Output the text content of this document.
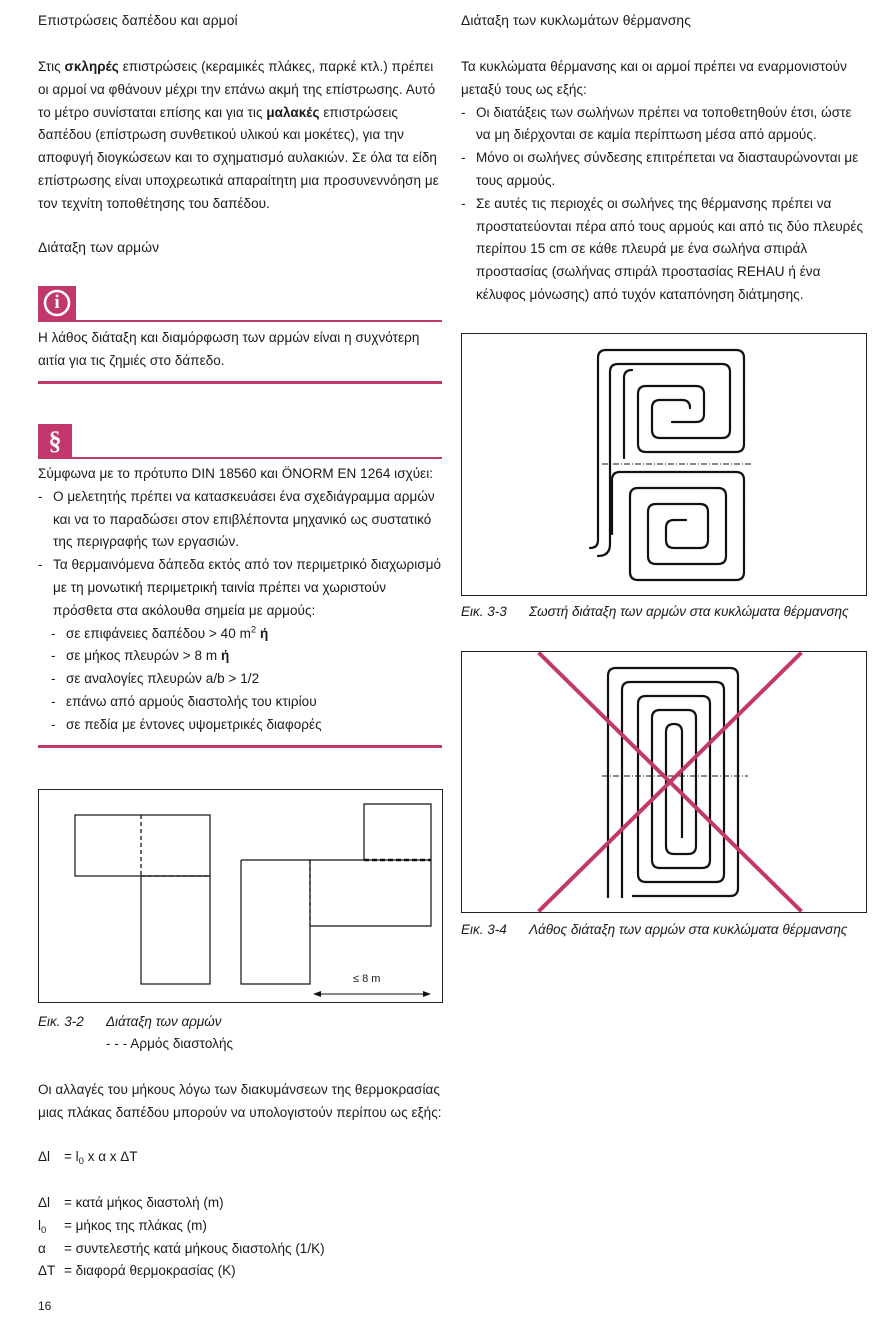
Επιστρώσεις δαπέδου και αρμοί

Στις σκληρές επιστρώσεις (κεραμικές πλάκες, παρκέ κτλ.) πρέπει οι αρμοί να φθάνουν μέχρι την επάνω ακμή της επίστρωσης. Αυτό το μέτρο συνίσταται επίσης και για τις μαλακές επιστρώσεις δαπέδου (επίστρωση συνθετικού υλικού και μοκέτες), για την αποφυγή διογκώσεων και το σχηματισμό αυλακιών. Σε όλα τα είδη επίστρωσης είναι υποχρεωτικά απαραίτητη μια προσυνεννόηση με τον τεχνίτη τοποθέτησης του δαπέδου.

Διάταξη των αρμών
i

Η λάθος διάταξη και διαμόρφωση των αρμών είναι η συχνότερη αιτία για τις ζημιές στο δάπεδο.

§
Σύμφωνα με το πρότυπο DIN 18560 και ÖNORM EN 1264 ισχύει:
- Ο μελετητής πρέπει να κατασκευάσει ένα σχεδιάγραμμα αρμών και να το παραδώσει στον επιβλέποντα μηχανικό ως συστατικό της περιγραφής των εργασιών.
- Τα θερμαινόμενα δάπεδα εκτός από τον περιμετρικό διαχωρισμό με τη μονωτική περιμετρική ταινία πρέπει να χωριστούν πρόσθετα στα ακόλουθα σημεία με αρμούς:
- σε επιφάνειες δαπέδου > 40 $m^2$ ή
- σε μήκος πλευρών > 8 m ή
- σε αναλογίες πλευρών a/b > 1/2
- επάνω από αρμούς διαστολής του κτιρίου
- σε πεδία με έντονες υψομετρικές διαφορές
≤ 8 m

Εικ. 3-2 Διάταξη των αρμών

- - - Αρμός διαστολής

Οι αλλαγές του μήκους λόγω των διακυμάνσεων της θερμοκρασίας μιας πλάκας δαπέδου μπορούν να υπολογιστούν περίπου ως εξής:

$\Delta l = l_0$ x α x ΔT
Δl = κατά μήκος διαστολή (m)
$l_0 = \mu ή\kappa o\varsigma$ της πλάκας (m)
α = συντελεστής κατά μήκους διαστολής (1/K)
ΔT = διαφορά θερμοκρασίας (K)
16
Διάταξη των κυκλωμάτων θέρμανσης
Τα κυκλώματα θέρμανσης και οι αρμοί πρέπει να εναρμονιστούν μεταξύ τους ως εξής:
- Οι διατάξεις των σωλήνων πρέπει να τοποθετηθούν έτσι, ώστε να μη διέρχονται σε καμία περίπτωση μέσα από αρμούς.
- Μόνο οι σωλήνες σύνδεσης επιτρέπεται να διασταυρώνονται με τους αρμούς.
- Σε αυτές τις περιοχές οι σωλήνες της θέρμανσης πρέπει να προστατεύονται πέρα από τους αρμούς και από τις δύο πλευρές περίπου 15 cm σε κάθε πλευρά με ένα σωλήνα σπιράλ προστασίας (σωλήνας σπιράλ προστασίας REHAU ή ένα κέλυφος μόνωσης) από τυχόν καταπόνηση διάτμησης.

Εικ. 3-3 Σωστή διάταξη των αρμών στα κυκλώματα θέρμανσης

Εικ. 3-4 Λάθος διάταξη των αρμών στα κυκλώματα θέρμανσης
